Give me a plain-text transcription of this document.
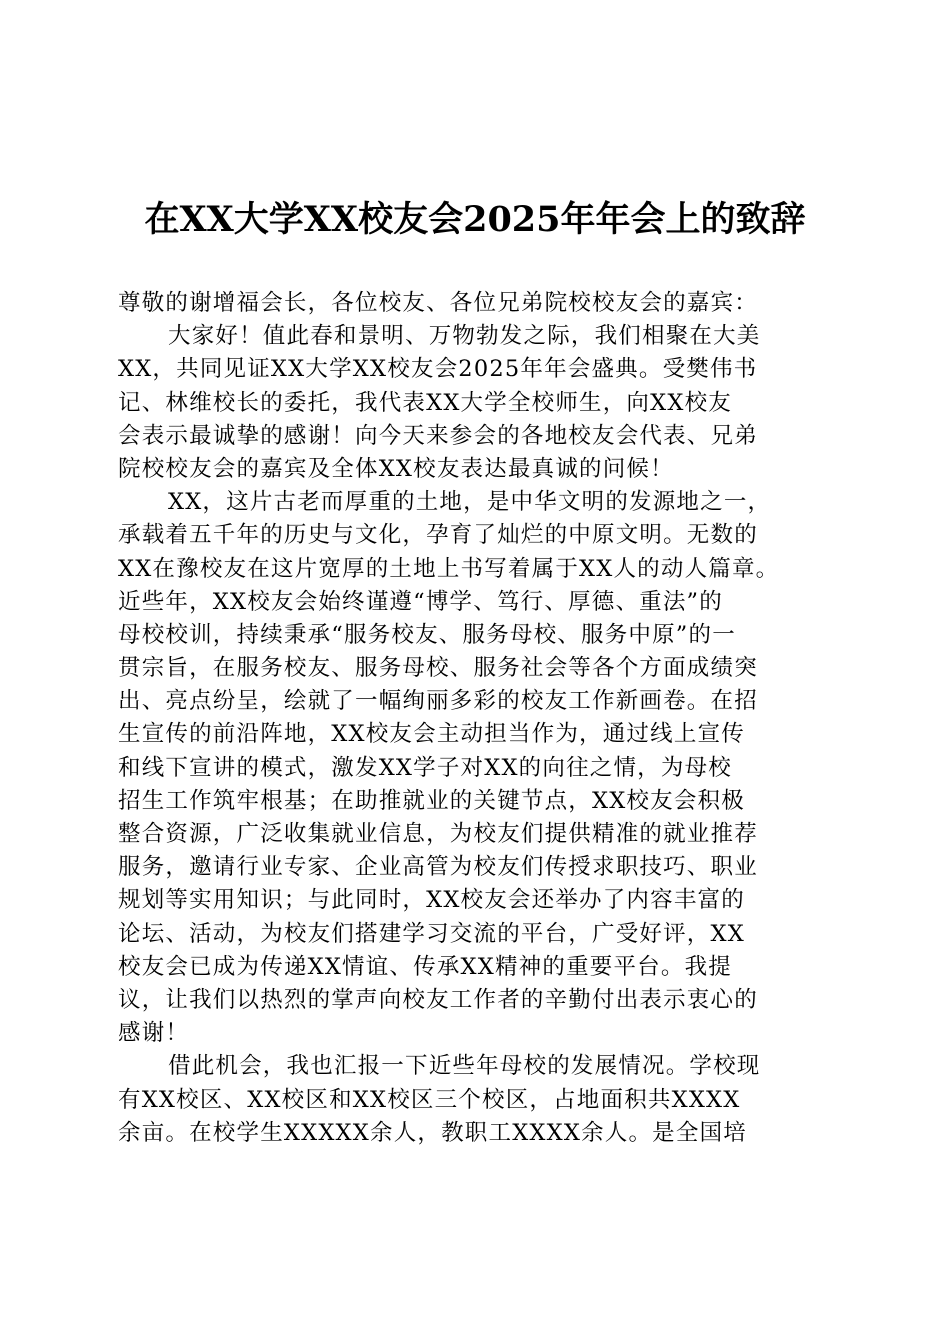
在XX大学XX校友会2025年年会上的致辞
尊敬的谢增福会长，各位校友、各位兄弟院校校友会的嘉宾：
大家好！值此春和景明、万物勃发之际，我们相聚在大美
XX，共同见证XX大学XX校友会2025年年会盛典。受樊伟书
记、林维校长的委托，我代表XX大学全校师生，向XX校友
会表示最诚挚的感谢！向今天来参会的各地校友会代表、兄弟
院校校友会的嘉宾及全体XX校友表达最真诚的问候！
XX，这片古老而厚重的土地，是中华文明的发源地之一，
承载着五千年的历史与文化，孕育了灿烂的中原文明。无数的
XX在豫校友在这片宽厚的土地上书写着属于XX人的动人篇章。
近些年，XX校友会始终谨遵“博学、笃行、厚德、重法”的
母校校训，持续秉承“服务校友、服务母校、服务中原”的一
贯宗旨，在服务校友、服务母校、服务社会等各个方面成绩突
出、亮点纷呈，绘就了一幅绚丽多彩的校友工作新画卷。在招
生宣传的前沿阵地，XX校友会主动担当作为，通过线上宣传
和线下宣讲的模式，激发XX学子对XX的向往之情，为母校
招生工作筑牢根基；在助推就业的关键节点，XX校友会积极
整合资源，广泛收集就业信息，为校友们提供精准的就业推荐
服务，邀请行业专家、企业高管为校友们传授求职技巧、职业
规划等实用知识；与此同时，XX校友会还举办了内容丰富的
论坛、活动，为校友们搭建学习交流的平台，广受好评，XX
校友会已成为传递XX情谊、传承XX精神的重要平台。我提
议，让我们以热烈的掌声向校友工作者的辛勤付出表示衷心的
感谢！
借此机会，我也汇报一下近些年母校的发展情况。学校现
有XX校区、XX校区和XX校区三个校区，占地面积共XXXX
余亩。在校学生XXXXX余人，教职工XXXX余人。是全国培
